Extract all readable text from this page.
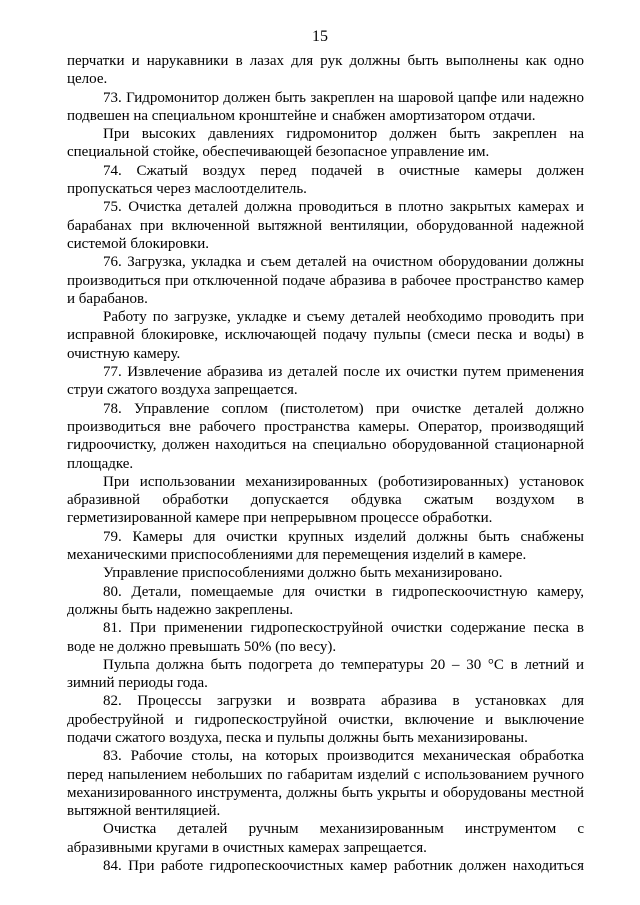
15

перчатки и нарукавники в лазах для рук должны быть выполнены как одно целое.

73. Гидромонитор должен быть закреплен на шаровой цапфе или надежно подвешен на специальном кронштейне и снабжен амортизатором отдачи.

При высоких давлениях гидромонитор должен быть закреплен на специальной стойке, обеспечивающей безопасное управление им.

74. Сжатый воздух перед подачей в очистные камеры должен пропускаться через маслоотделитель.

75. Очистка деталей должна проводиться в плотно закрытых камерах и барабанах при включенной вытяжной вентиляции, оборудованной надежной системой блокировки.

76. Загрузка, укладка и съем деталей на очистном оборудовании должны производиться при отключенной подаче абразива в рабочее пространство камер и барабанов.

Работу по загрузке, укладке и съему деталей необходимо проводить при исправной блокировке, исключающей подачу пульпы (смеси песка и воды) в очистную камеру.

77. Извлечение абразива из деталей после их очистки путем применения струи сжатого воздуха запрещается.

78. Управление соплом (пистолетом) при очистке деталей должно производиться вне рабочего пространства камеры. Оператор, производящий гидроочистку, должен находиться на специально оборудованной стационарной площадке.

При использовании механизированных (роботизированных) установок абразивной обработки допускается обдувка сжатым воздухом в герметизированной камере при непрерывном процессе обработки.

79. Камеры для очистки крупных изделий должны быть снабжены механическими приспособлениями для перемещения изделий в камере.

Управление приспособлениями должно быть механизировано.

80. Детали, помещаемые для очистки в гидропескоочистную камеру, должны быть надежно закреплены.

81. При применении гидропескоструйной очистки содержание песка в воде не должно превышать 50% (по весу).

Пульпа должна быть подогрета до температуры 20 – 30 °С в летний и зимний периоды года.

82. Процессы загрузки и возврата абразива в установках для дробеструйной и гидропескоструйной очистки, включение и выключение подачи сжатого воздуха, песка и пульпы должны быть механизированы.

83. Рабочие столы, на которых производится механическая обработка перед напылением небольших по габаритам изделий с использованием ручного механизированного инструмента, должны быть укрыты и оборудованы местной вытяжной вентиляцией.

Очистка деталей ручным механизированным инструментом с абразивными кругами в очистных камерах запрещается.

84. При работе гидропескоочистных камер работник должен находиться
